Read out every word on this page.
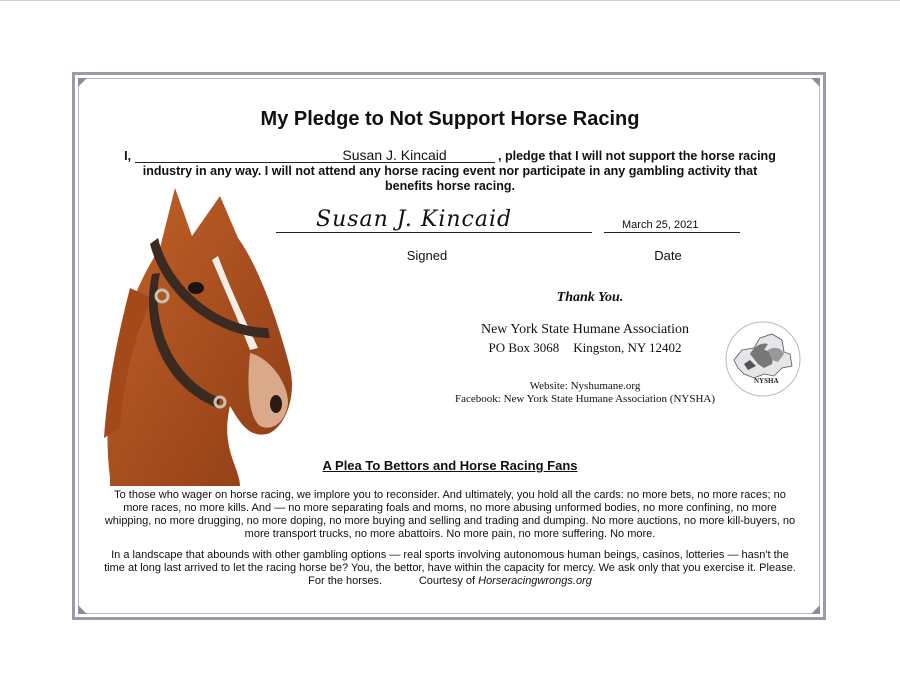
My Pledge to Not Support Horse Racing
I,	Susan J. Kincaid	, pledge that I will not support the horse racing industry in any way. I will not attend any horse racing event nor participate in any gambling activity that benefits horse racing.
Susan J. Kincaid	March 25, 2021
Signed	Date
Thank You.
New York State Humane Association
PO Box 3068 Kingston, NY 12402
Website: Nyshumane.org
Facebook: New York State Humane Association (NYSHA)
NYSHA
A Plea To Bettors and Horse Racing Fans
To those who wager on horse racing, we implore you to reconsider. And ultimately, you hold all the cards: no more bets, no more races; no more races, no more kills. And — no more separating foals and moms, no more abusing unformed bodies, no more confining, no more whipping, no more drugging, no more doping, no more buying and selling and trading and dumping. No more auctions, no more kill-buyers, no more transport trucks, no more abattoirs. No more pain, no more suffering. No more.
In a landscape that abounds with other gambling options — real sports involving autonomous human beings, casinos, lotteries — hasn't the time at long last arrived to let the racing horse be? You, the bettor, have within the capacity for mercy. We ask only that you exercise it. Please. For the horses.	Courtesy of Horseracingwrongs.org
